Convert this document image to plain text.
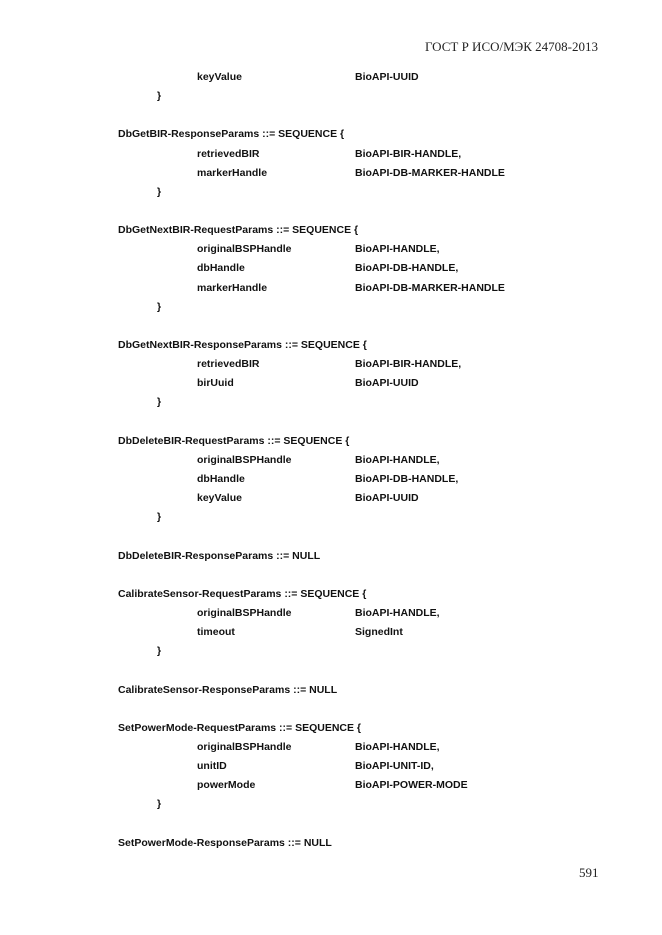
ГОСТ Р ИСО/МЭК 24708-2013
keyValue	BioAPI-UUID
}
DbGetBIR-ResponseParams ::= SEQUENCE {
retrievedBIR	BioAPI-BIR-HANDLE,
markerHandle	BioAPI-DB-MARKER-HANDLE
}
DbGetNextBIR-RequestParams ::= SEQUENCE {
originalBSPHandle	BioAPI-HANDLE,
dbHandle	BioAPI-DB-HANDLE,
markerHandle	BioAPI-DB-MARKER-HANDLE
}
DbGetNextBIR-ResponseParams ::= SEQUENCE {
retrievedBIR	BioAPI-BIR-HANDLE,
birUuid	BioAPI-UUID
}
DbDeleteBIR-RequestParams ::= SEQUENCE {
originalBSPHandle	BioAPI-HANDLE,
dbHandle	BioAPI-DB-HANDLE,
keyValue	BioAPI-UUID
}
DbDeleteBIR-ResponseParams ::= NULL
CalibrateSensor-RequestParams ::= SEQUENCE {
originalBSPHandle	BioAPI-HANDLE,
timeout	SignedInt
}
CalibrateSensor-ResponseParams ::= NULL
SetPowerMode-RequestParams ::= SEQUENCE {
originalBSPHandle	BioAPI-HANDLE,
unitID	BioAPI-UNIT-ID,
powerMode	BioAPI-POWER-MODE
}
SetPowerMode-ResponseParams ::= NULL
591
